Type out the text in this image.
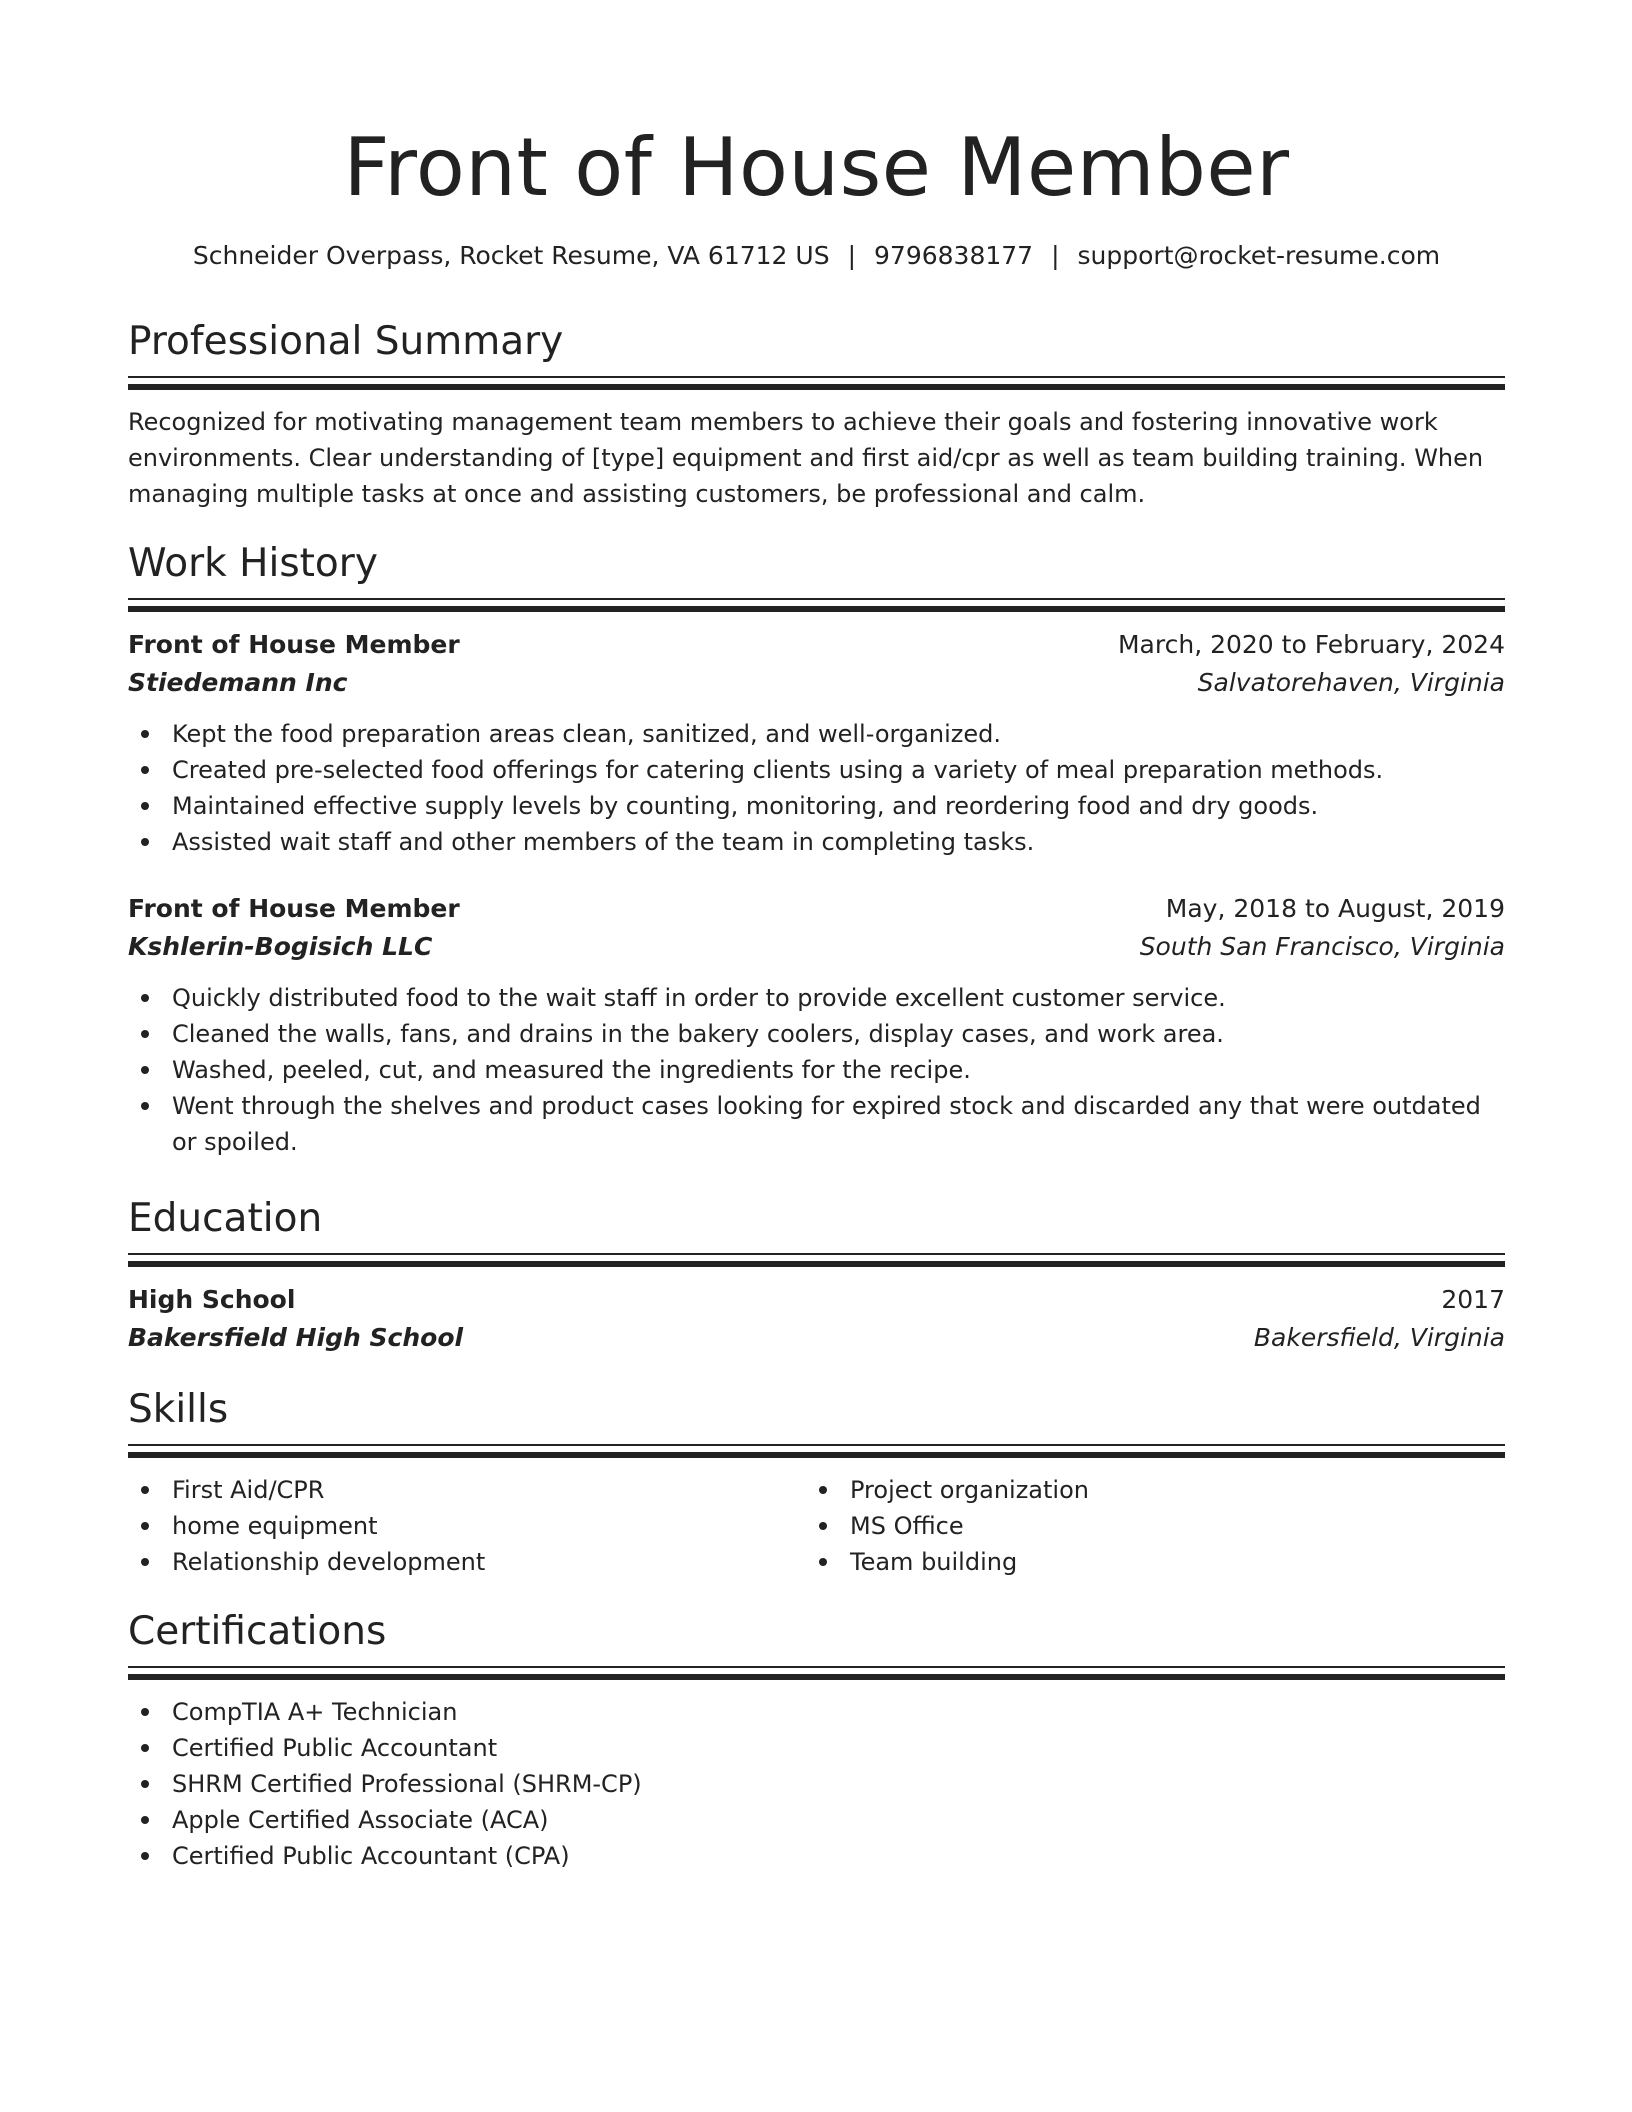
Front of House Member
Schneider Overpass, Rocket Resume, VA 61712 US | 9796838177 | support@rocket-resume.com
Professional Summary

Recognized for motivating management team members to achieve their goals and fostering innovative work environments. Clear understanding of [type] equipment and first aid/cpr as well as team building training. When managing multiple tasks at once and assisting customers, be professional and calm.

Work History
Front of House Member	March, 2020 to February, 2024
Stiedemann Inc	Salvatorehaven, Virginia
Kept the food preparation areas clean, sanitized, and well-organized.
Created pre-selected food offerings for catering clients using a variety of meal preparation methods.
Maintained effective supply levels by counting, monitoring, and reordering food and dry goods.
Assisted wait staff and other members of the team in completing tasks.
Front of House Member	May, 2018 to August, 2019
Kshlerin-Bogisich LLC	South San Francisco, Virginia
Quickly distributed food to the wait staff in order to provide excellent customer service.
Cleaned the walls, fans, and drains in the bakery coolers, display cases, and work area.
Washed, peeled, cut, and measured the ingredients for the recipe.
Went through the shelves and product cases looking for expired stock and discarded any that were outdated or spoiled.
Education
High School	2017
Bakersfield High School	Bakersfield, Virginia
Skills
First Aid/CPR
home equipment
Relationship development
Project organization
MS Office
Team building
Certifications
CompTIA A+ Technician
Certified Public Accountant
SHRM Certified Professional (SHRM-CP)
Apple Certified Associate (ACA)
Certified Public Accountant (CPA)
